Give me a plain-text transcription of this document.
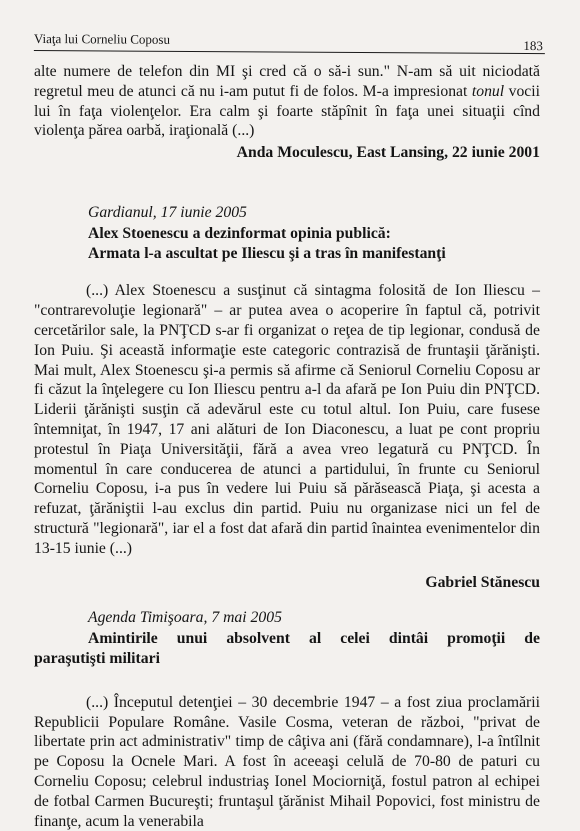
Viaţa lui Corneliu Coposu	183

alte numere de telefon din MI şi cred că o să-i sun." N-am să uit niciodată regretul meu de atunci că nu i-am putut fi de folos. M-a impresionat tonul vocii lui în faţa violenţelor. Era calm şi foarte stăpînit în faţa unei situaţii cînd violenţa părea oarbă, iraţională (...)

Anda Moculescu, East Lansing, 22 iunie 2001
Gardianul, 17 iunie 2005
Alex Stoenescu a dezinformat opinia publică:
Armata l-a ascultat pe Iliescu şi a tras în manifestanţi

(...) Alex Stoenescu a susţinut că sintagma folosită de Ion Iliescu – "contrarevoluţie legionară" – ar putea avea o acoperire în faptul că, potrivit cercetărilor sale, la PNŢCD s-ar fi organizat o reţea de tip legionar, condusă de Ion Puiu. Şi această informaţie este categoric contrazisă de fruntaşii ţărănişti. Mai mult, Alex Stoenescu şi-a permis să afirme că Seniorul Corneliu Coposu ar fi căzut la înţelegere cu Ion Iliescu pentru a-l da afară pe Ion Puiu din PNŢCD. Liderii ţărănişti susţin că adevărul este cu totul altul. Ion Puiu, care fusese întemniţat, în 1947, 17 ani alături de Ion Diaconescu, a luat pe cont propriu protestul în Piaţa Universităţii, fără a avea vreo legatură cu PNŢCD. În momentul în care conducerea de atunci a partidului, în frunte cu Seniorul Corneliu Coposu, i-a pus în vedere lui Puiu să părăsească Piaţa, şi acesta a refuzat, ţărăniştii l-au exclus din partid. Puiu nu organizase nici un fel de structură "legionară", iar el a fost dat afară din partid înaintea evenimentelor din 13-15 iunie (...)

Gabriel Stănescu
Agenda Timişoara, 7 mai 2005
Amintirile unui absolvent al celei dintâi promoţii de
paraşutişti militari

(...) Începutul detenţiei – 30 decembrie 1947 – a fost ziua proclamării Republicii Populare Române. Vasile Cosma, veteran de război, "privat de libertate prin act administrativ" timp de câţiva ani (fără condamnare), l-a întîlnit pe Coposu la Ocnele Mari. A fost în aceeaşi celulă de 70-80 de paturi cu Corneliu Coposu; celebrul industriaş Ionel Mociorniţă, fostul patron al echipei de fotbal Carmen Bucureşti; fruntaşul ţărănist Mihail Popovici, fost ministru de finanţe, acum la venerabila
